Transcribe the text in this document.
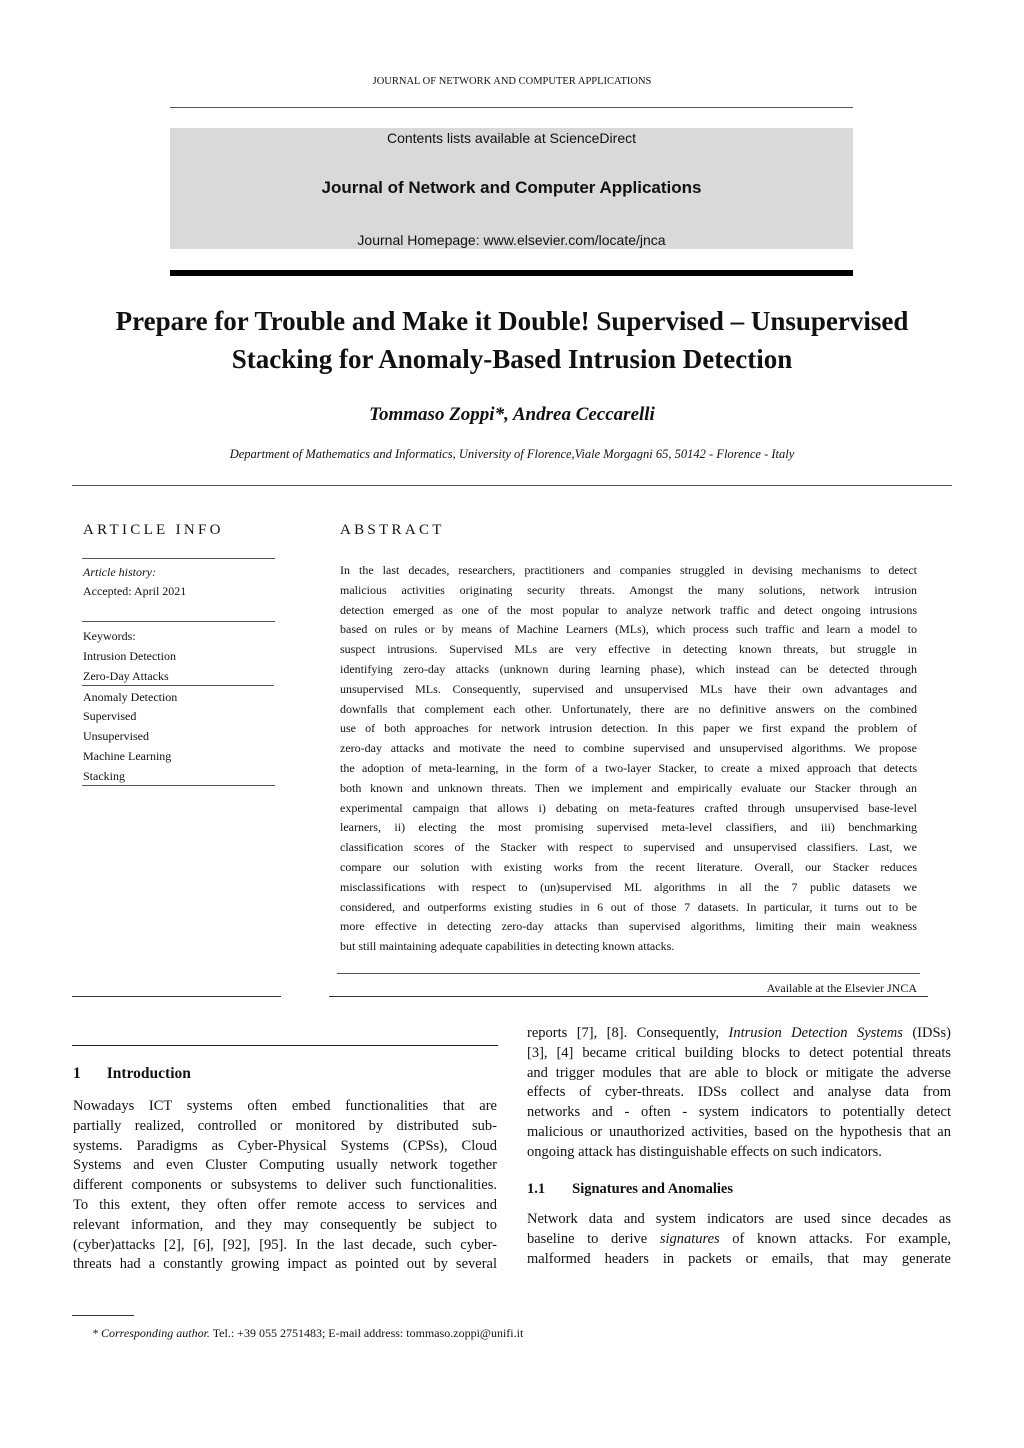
JOURNAL OF NETWORK AND COMPUTER APPLICATIONS
Contents lists available at ScienceDirect
Journal of Network and Computer Applications
Journal Homepage: www.elsevier.com/locate/jnca
Prepare for Trouble and Make it Double! Supervised – Unsupervised
Stacking for Anomaly-Based Intrusion Detection
Tommaso Zoppi*, Andrea Ceccarelli
Department of Mathematics and Informatics, University of Florence,Viale Morgagni 65, 50142 - Florence - Italy
ARTICLE INFO
Article history:
Accepted: April 2021
Keywords:
Intrusion Detection
Zero-Day Attacks
Anomaly Detection
Supervised
Unsupervised
Machine Learning
Stacking
ABSTRACT
In the last decades, researchers, practitioners and companies struggled in devising mechanisms to detect
malicious activities originating security threats. Amongst the many solutions, network intrusion
detection emerged as one of the most popular to analyze network traffic and detect ongoing intrusions
based on rules or by means of Machine Learners (MLs), which process such traffic and learn a model to
suspect intrusions. Supervised MLs are very effective in detecting known threats, but struggle in
identifying zero-day attacks (unknown during learning phase), which instead can be detected through
unsupervised MLs. Consequently, supervised and unsupervised MLs have their own advantages and
downfalls that complement each other. Unfortunately, there are no definitive answers on the combined
use of both approaches for network intrusion detection. In this paper we first expand the problem of
zero-day attacks and motivate the need to combine supervised and unsupervised algorithms. We propose
the adoption of meta-learning, in the form of a two-layer Stacker, to create a mixed approach that detects
both known and unknown threats. Then we implement and empirically evaluate our Stacker through an
experimental campaign that allows i) debating on meta-features crafted through unsupervised base-level
learners, ii) electing the most promising supervised meta-level classifiers, and iii) benchmarking
classification scores of the Stacker with respect to supervised and unsupervised classifiers. Last, we
compare our solution with existing works from the recent literature. Overall, our Stacker reduces
misclassifications with respect to (un)supervised ML algorithms in all the 7 public datasets we
considered, and outperforms existing studies in 6 out of those 7 datasets. In particular, it turns out to be
more effective in detecting zero-day attacks than supervised algorithms, limiting their main weakness
but still maintaining adequate capabilities in detecting known attacks.
Available at the Elsevier JNCA
1 Introduction
Nowadays ICT systems often embed functionalities that are
partially realized, controlled or monitored by distributed sub-
systems. Paradigms as Cyber-Physical Systems (CPSs), Cloud
Systems and even Cluster Computing usually network together
different components or subsystems to deliver such functionalities.
To this extent, they often offer remote access to services and
relevant information, and they may consequently be subject to
(cyber)attacks [2], [6], [92], [95]. In the last decade, such cyber-
threats had a constantly growing impact as pointed out by several
reports [7], [8]. Consequently, Intrusion Detection Systems (IDSs)
[3], [4] became critical building blocks to detect potential threats
and trigger modules that are able to block or mitigate the adverse
effects of cyber-threats. IDSs collect and analyse data from
networks and - often - system indicators to potentially detect
malicious or unauthorized activities, based on the hypothesis that an
ongoing attack has distinguishable effects on such indicators.
1.1 Signatures and Anomalies
Network data and system indicators are used since decades as
baseline to derive signatures of known attacks. For example,
malformed headers in packets or emails, that may generate
* Corresponding author. Tel.: +39 055 2751483; E-mail address: tommaso.zoppi@unifi.it
